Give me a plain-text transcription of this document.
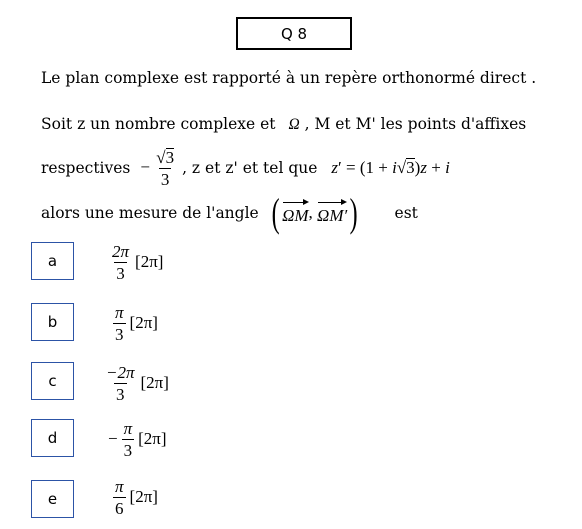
Q 8
Le plan complexe est rapporté à un repère orthonormé direct .
Soit z un nombre complexe et Ω , M et M' les points d'affixes
respectives − $\frac{√ 3}{3}$ , z et z' et tel que z′ = (1 + i √ 3 )z + i
alors une mesure de l'angle ( ΩM , ΩM′ ) est
a	$\frac{2\pi}{3} [2\pi]$
b	$\frac{\pi}{3} [2\pi]$
c	$\frac{-2\pi}{3} [2\pi]$
d	− $\frac{\pi}{3} [2\pi]$
e	$\frac{\pi}{6} [2\pi]$
